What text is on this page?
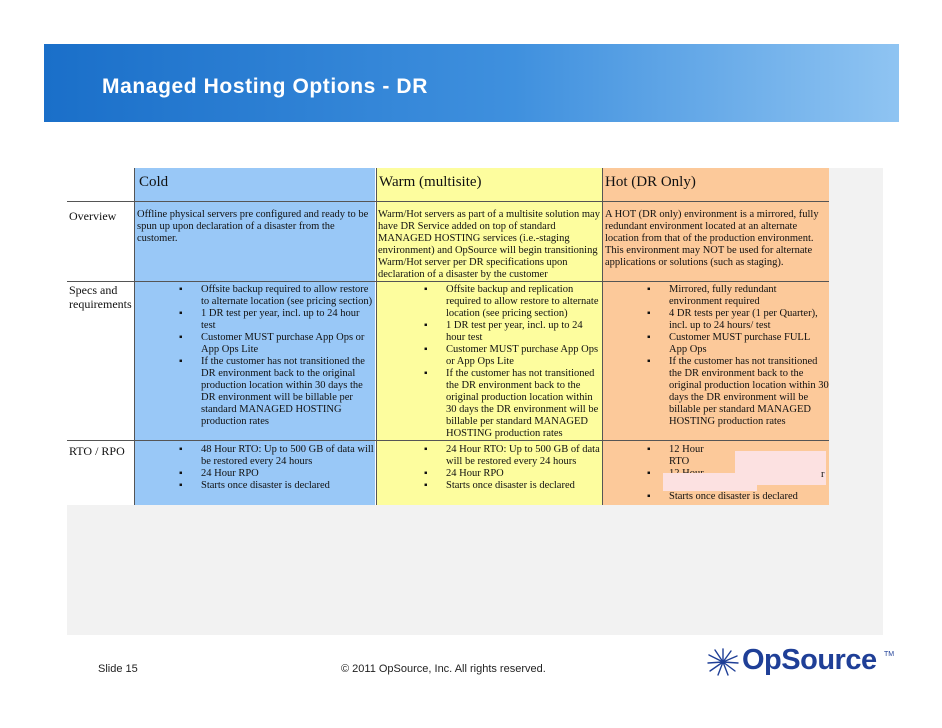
Managed Hosting Options - DR
Cold	Warm (multisite)	Hot (DR Only)
Overview	Offline physical servers pre configured and ready to be spun up upon declaration of a disaster from the customer.
Warm/Hot servers as part of a multisite solution may have DR Service added on top of standard MANAGED HOSTING services (i.e.-staging environment) and OpSource will begin transitioning Warm/Hot server per DR specifications upon declaration of a disaster by the customer
A HOT (DR only) environment is a mirrored, fully redundant environment located at an alternate location from that of the production environment. This environment may NOT be used for alternate applications or solutions (such as staging).
Specs and requirements
▪ Offsite backup required to allow restore to alternate location (see pricing section)
▪ 1 DR test per year, incl. up to 24 hour test
▪ Customer MUST purchase App Ops or App Ops Lite
▪ If the customer has not transitioned the DR environment back to the original production location within 30 days the DR environment will be billable per standard MANAGED HOSTING production rates
▪ Offsite backup and replication required to allow restore to alternate location (see pricing section)
▪ 1 DR test per year, incl. up to 24 hour test
▪ Customer MUST purchase App Ops or App Ops Lite
▪ If the customer has not transitioned the DR environment back to the original production location within 30 days the DR environment will be billable per standard MANAGED HOSTING production rates
▪ Mirrored, fully redundant environment required
▪ 4 DR tests per year (1 per Quarter), incl. up to 24 hours/ test
▪ Customer MUST purchase FULL App Ops
▪ If the customer has not transitioned the DR environment back to the original production location within 30 days the DR environment will be billable per standard MANAGED HOSTING production rates
RTO / RPO
▪	48 Hour RTO: Up to 500 GB of data will be restored every 24 hours
▪ 24 Hour RPO
▪ Starts once disaster is declared
▪ 24 Hour RTO: Up to 500 GB of data will be restored every 24 hours
▪ 24 Hour RPO
▪ Starts once disaster is declared
▪ 12 Hour RTO
▪
r
▪ Starts once disaster is declared
Slide 15	© 2011 OpSource, Inc. All rights reserved.	OpSource TM
